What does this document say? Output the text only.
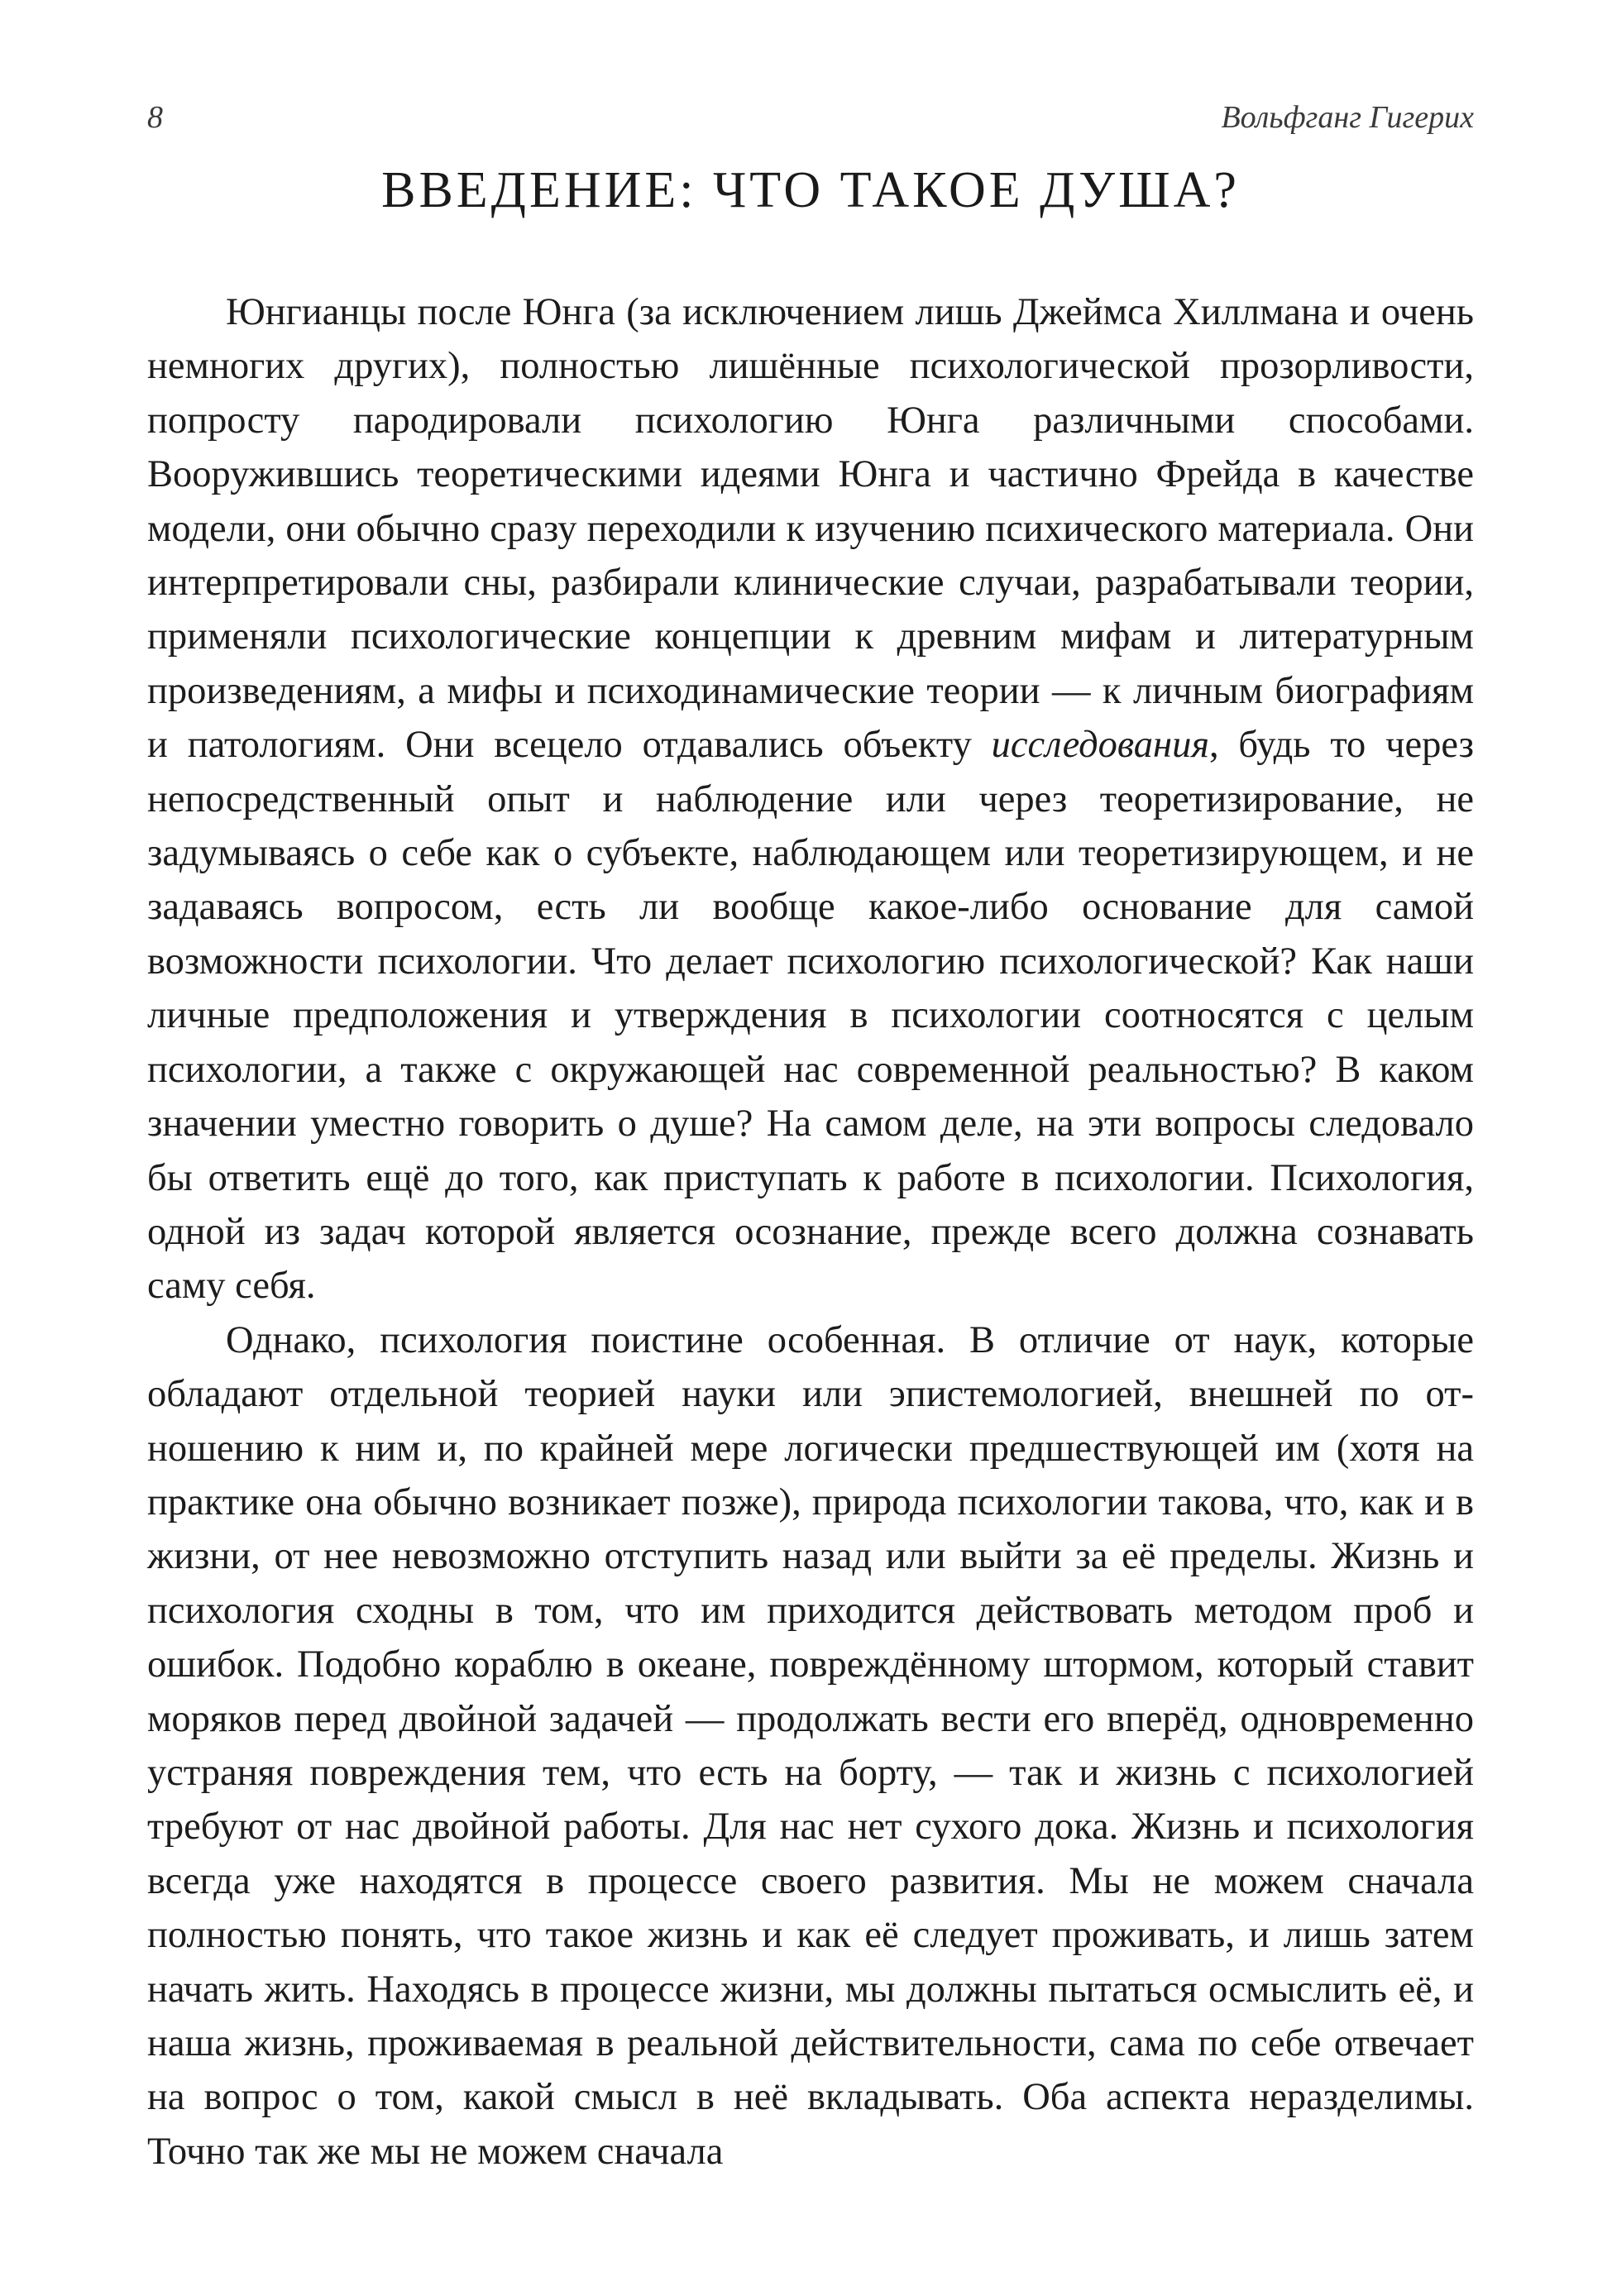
8	Вольфганг Гигерих
ВВЕДЕНИЕ: ЧТО ТАКОЕ ДУША?

Юнгианцы после Юнга (за исключением лишь Джеймса Хиллмана и очень немногих других), полностью лишённые психологической прозорливости, попросту пародировали психологию Юнга различными способами. Вооружившись теоретическими идеями Юнга и частично Фрейда в качестве модели, они обычно сразу переходили к изучению психического материала. Они интерпретировали сны, разбирали клинические случаи, разрабатывали теории, применяли психологические концепции к древним мифам и литературным произведениям, а мифы и психодинамические теории — к личным биографиям и патологиям. Они всецело отдавались объекту исследования, будь то через непосредственный опыт и наблюдение или через теоретизирование, не задумываясь о себе как о субъекте, наблюдающем или теоретизирующем, и не задаваясь вопросом, есть ли вообще какое-либо основание для самой возможности психологии. Что делает психологию психологической? Как наши личные предположения и утверждения в психологии соотносятся с целым психологии, а также с окружающей нас современной реальностью? В каком значении уместно говорить о душе? На самом деле, на эти вопросы следовало бы ответить ещё до того, как приступать к работе в психологии. Психология, одной из задач которой является осознание, прежде всего должна сознавать саму себя.

Однако, психология поистине особенная. В отличие от наук, которые обладают отдельной теорией науки или эпистемологией, внешней по отношению к ним и, по крайней мере логически предшествующей им (хотя на практике она обычно возникает позже), природа психологии такова, что, как и в жизни, от нее невозможно отступить назад или выйти за её пределы. Жизнь и психология сходны в том, что им приходится действовать методом проб и ошибок. Подобно кораблю в океане, повреждённому штормом, который ставит моряков перед двойной задачей — продолжать вести его вперёд, одновременно устраняя повреждения тем, что есть на борту, — так и жизнь с психологией требуют от нас двойной работы. Для нас нет сухого дока. Жизнь и психология всегда уже находятся в процессе своего развития. Мы не можем сначала полностью понять, что такое жизнь и как её следует проживать, и лишь затем начать жить. Находясь в процессе жизни, мы должны пытаться осмыслить её, и наша жизнь, проживаемая в реальной действительности, сама по себе отвечает на вопрос о том, какой смысл в неё вкладывать. Оба аспекта неразделимы. Точно так же мы не можем сначала
